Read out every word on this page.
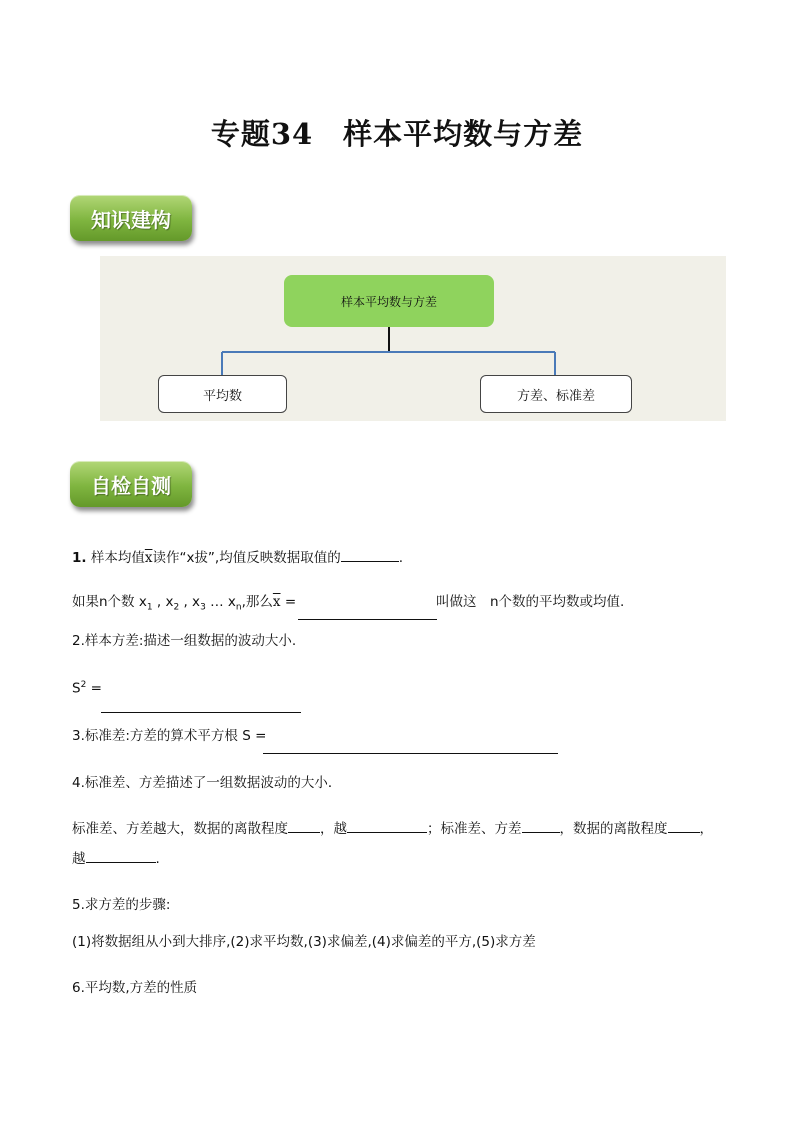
专题34　样本平均数与方差
知识建构
样本平均数与方差
平均数	方差、标准差
自检自测
1. 样本均值$\overline{x}$读作“x拔”,均值反映数据取值的	.
如果n个数 $x_1$ , $x_2$ , $x_3$ … $x_n$,那么$\overline{x}$ =	叫做这　n个数的平均数或均值.
2.样本方差:描述一组数据的波动大小.
$S^2$ =
3.标准差:方差的算术平方根 S =
4.标准差、方差描述了一组数据波动的大小．
标准差、方差越大，数据的离散程度 ，越	；标准差、方差	，数据的离散程度 ，
越	.
5.求方差的步骤:
(1)将数据组从小到大排序,(2)求平均数,(3)求偏差,(4)求偏差的平方,(5)求方差
6.平均数,方差的性质
